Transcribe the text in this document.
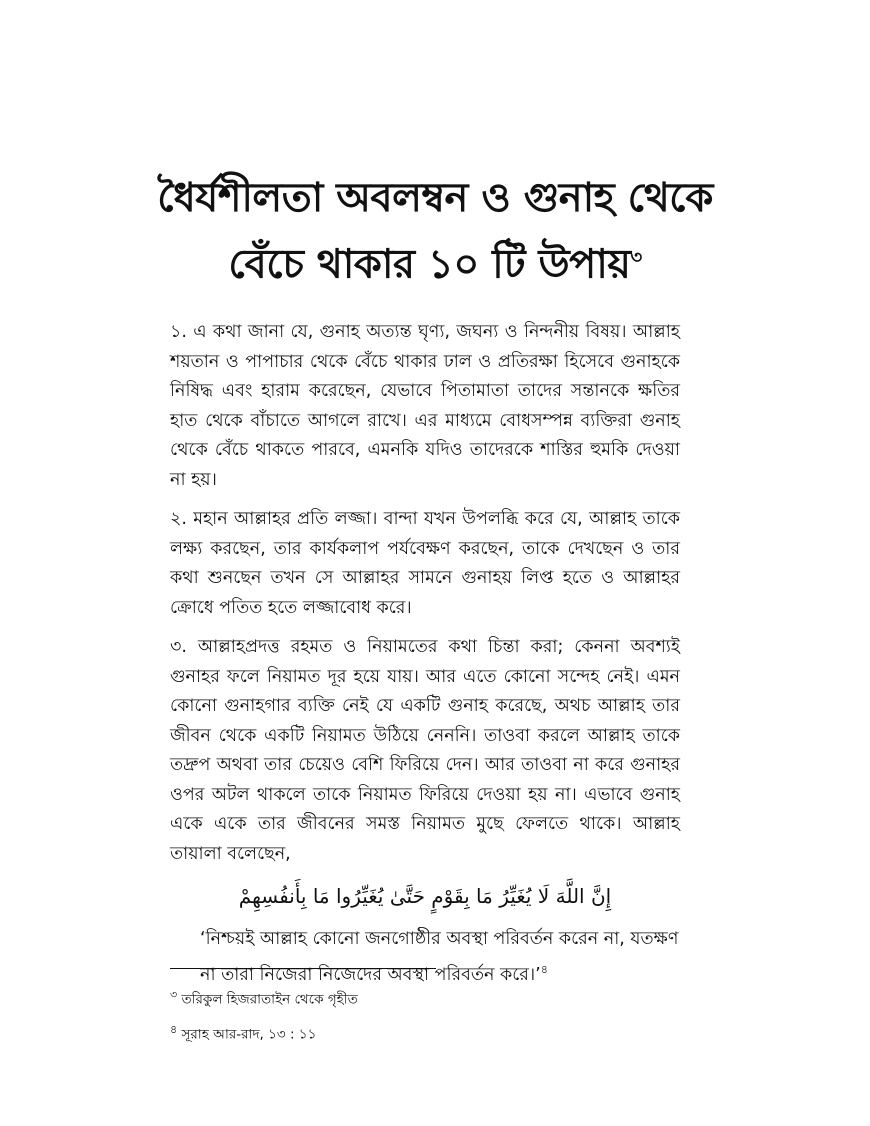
ধৈর্যশীলতা অবলম্বন ও গুনাহ থেকে
বেঁচে থাকার ১০ টি উপায়$^৩$

১. এ কথা জানা যে, গুনাহ অত্যন্ত ঘৃণ্য, জঘন্য ও নিন্দনীয় বিষয়। আল্লাহ শয়তান ও পাপাচার থেকে বেঁচে থাকার ঢাল ও প্রতিরক্ষা হিসেবে গুনাহকে নিষিদ্ধ এবং হারাম করেছেন, যেভাবে পিতামাতা তাদের সন্তানকে ক্ষতির হাত থেকে বাঁচাতে আগলে রাখে। এর মাধ্যমে বোধসম্পন্ন ব্যক্তিরা গুনাহ থেকে বেঁচে থাকতে পারবে, এমনকি যদিও তাদেরকে শাস্তির হুমকি দেওয়া না হয়।

২. মহান আল্লাহর প্রতি লজ্জা। বান্দা যখন উপলব্ধি করে যে, আল্লাহ তাকে লক্ষ্য করছেন, তার কার্যকলাপ পর্যবেক্ষণ করছেন, তাকে দেখছেন ও তার কথা শুনছেন তখন সে আল্লাহর সামনে গুনাহয় লিপ্ত হতে ও আল্লাহর ক্রোধে পতিত হতে লজ্জাবোধ করে।

৩. আল্লাহপ্রদত্ত রহমত ও নিয়ামতের কথা চিন্তা করা; কেননা অবশ্যই গুনাহর ফলে নিয়ামত দূর হয়ে যায়। আর এতে কোনো সন্দেহ নেই। এমন কোনো গুনাহগার ব্যক্তি নেই যে একটি গুনাহ করেছে, অথচ আল্লাহ তার জীবন থেকে একটি নিয়ামত উঠিয়ে নেননি। তাওবা করলে আল্লাহ তাকে তদ্রুপ অথবা তার চেয়েও বেশি ফিরিয়ে দেন। আর তাওবা না করে গুনাহর ওপর অটল থাকলে তাকে নিয়ামত ফিরিয়ে দেওয়া হয় না। এভাবে গুনাহ একে একে তার জীবনের সমস্ত নিয়ামত মুছে ফেলতে থাকে। আল্লাহ তায়ালা বলেছেন,

إِنَّ اللَّهَ لَا يُغَيِّرُ مَا بِقَوْمٍ حَتَّىٰ يُغَيِّرُوا مَا بِأَنفُسِهِمْ
‘নিশ্চয়ই আল্লাহ কোনো জনগোষ্ঠীর অবস্থা পরিবর্তন করেন না, যতক্ষণ না তারা নিজেরা নিজেদের অবস্থা পরিবর্তন করে।’$^৪$

$^৩$ তরিকুল হিজরাতাইন থেকে গৃহীত

$^৪$ সূরাহ আর-রাদ, ১৩ : ১১
